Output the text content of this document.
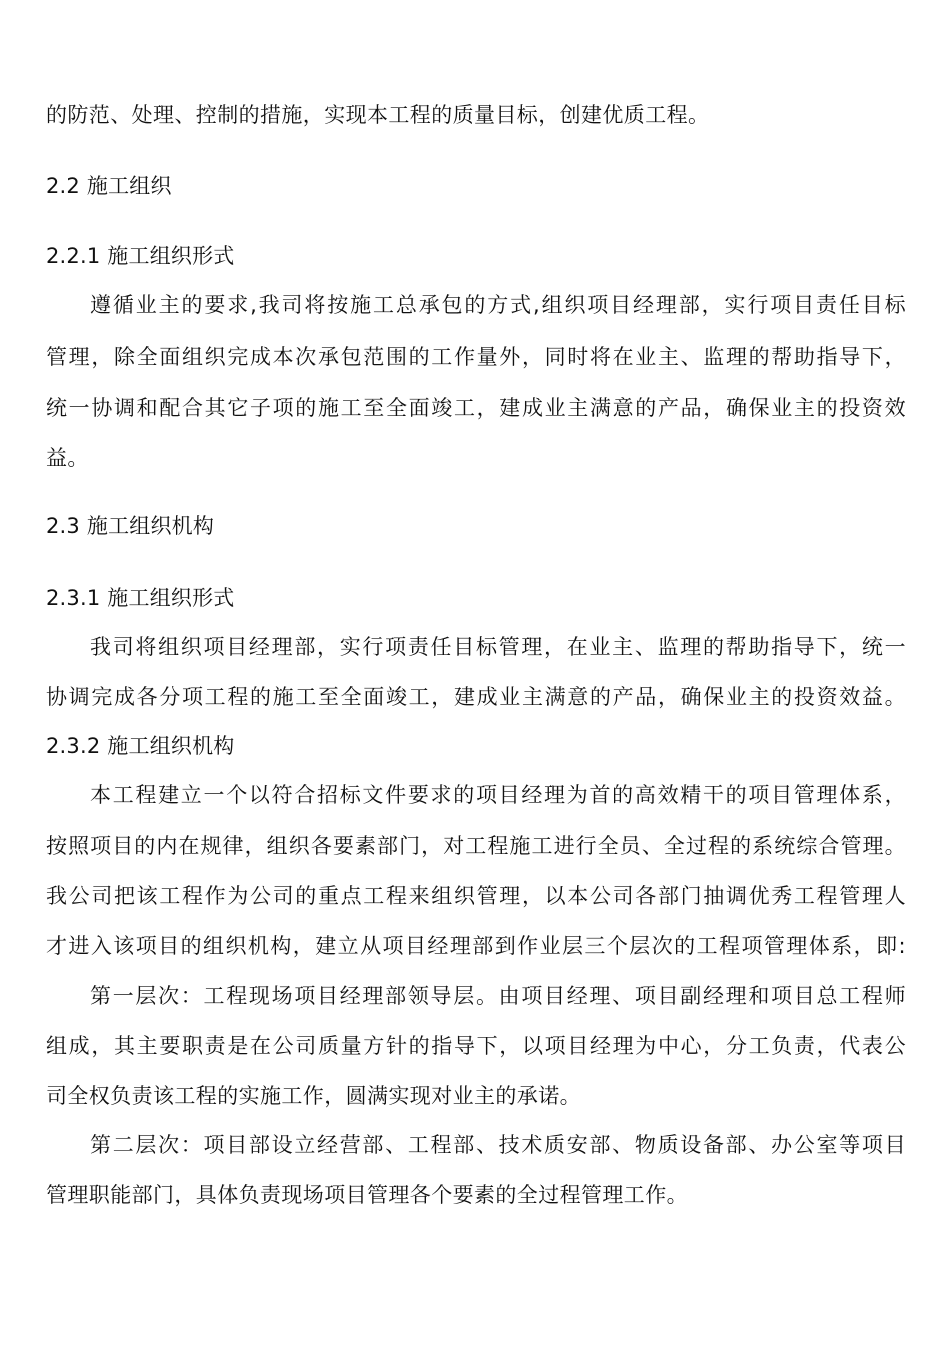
的防范、处理、控制的措施，实现本工程的质量目标，创建优质工程。
2.2 施工组织
2.2.1 施工组织形式
遵循业主的要求,我司将按施工总承包的方式,组织项目经理部，实行项目责任目标
管理，除全面组织完成本次承包范围的工作量外，同时将在业主、监理的帮助指导下，
统一协调和配合其它子项的施工至全面竣工，建成业主满意的产品，确保业主的投资效
益。
2.3 施工组织机构
2.3.1 施工组织形式
我司将组织项目经理部，实行项责任目标管理，在业主、监理的帮助指导下，统一
协调完成各分项工程的施工至全面竣工，建成业主满意的产品，确保业主的投资效益。
2.3.2 施工组织机构
本工程建立一个以符合招标文件要求的项目经理为首的高效精干的项目管理体系，
按照项目的内在规律，组织各要素部门，对工程施工进行全员、全过程的系统综合管理。
我公司把该工程作为公司的重点工程来组织管理，以本公司各部门抽调优秀工程管理人
才进入该项目的组织机构，建立从项目经理部到作业层三个层次的工程项管理体系，即:
第一层次：工程现场项目经理部领导层。由项目经理、项目副经理和项目总工程师
组成，其主要职责是在公司质量方针的指导下，以项目经理为中心，分工负责，代表公
司全权负责该工程的实施工作，圆满实现对业主的承诺。
第二层次：项目部设立经营部、工程部、技术质安部、物质设备部、办公室等项目
管理职能部门，具体负责现场项目管理各个要素的全过程管理工作。
